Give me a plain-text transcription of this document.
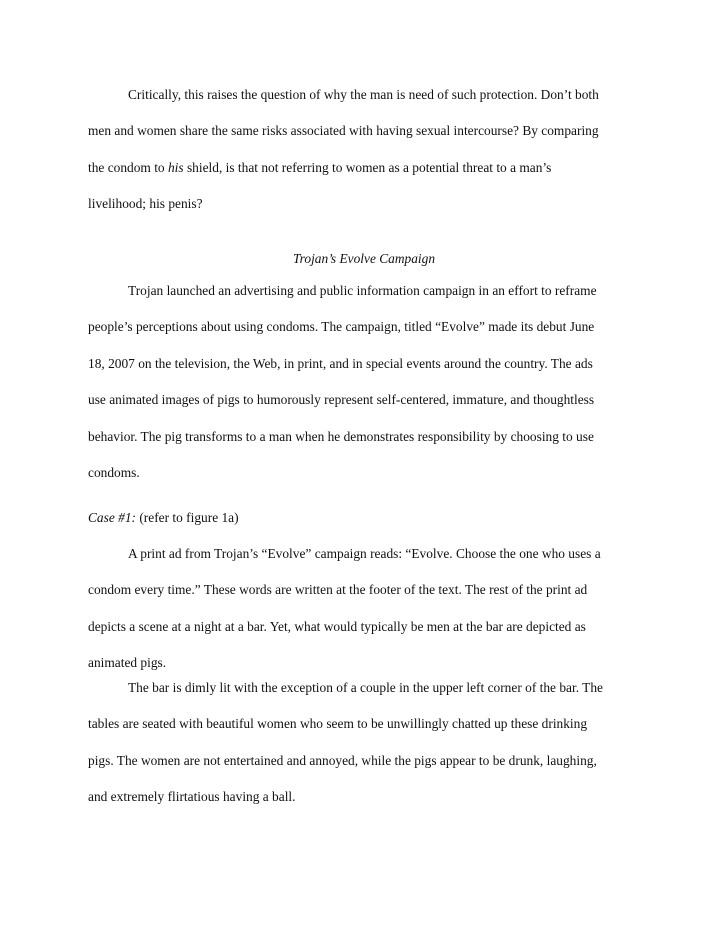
Critically, this raises the question of why the man is need of such protection. Don’t both
men and women share the same risks associated with having sexual intercourse? By comparing
the condom to his shield, is that not referring to women as a potential threat to a man’s
livelihood; his penis?
Trojan’s Evolve Campaign
Trojan launched an advertising and public information campaign in an effort to reframe
people’s perceptions about using condoms. The campaign, titled “Evolve” made its debut June
18, 2007 on the television, the Web, in print, and in special events around the country. The ads
use animated images of pigs to humorously represent self-centered, immature, and thoughtless
behavior. The pig transforms to a man when he demonstrates responsibility by choosing to use
condoms.
Case #1: (refer to figure 1a)
A print ad from Trojan’s “Evolve” campaign reads: “Evolve. Choose the one who uses a
condom every time.” These words are written at the footer of the text. The rest of the print ad
depicts a scene at a night at a bar. Yet, what would typically be men at the bar are depicted as
animated pigs.
The bar is dimly lit with the exception of a couple in the upper left corner of the bar. The
tables are seated with beautiful women who seem to be unwillingly chatted up these drinking
pigs. The women are not entertained and annoyed, while the pigs appear to be drunk, laughing,
and extremely flirtatious having a ball.
